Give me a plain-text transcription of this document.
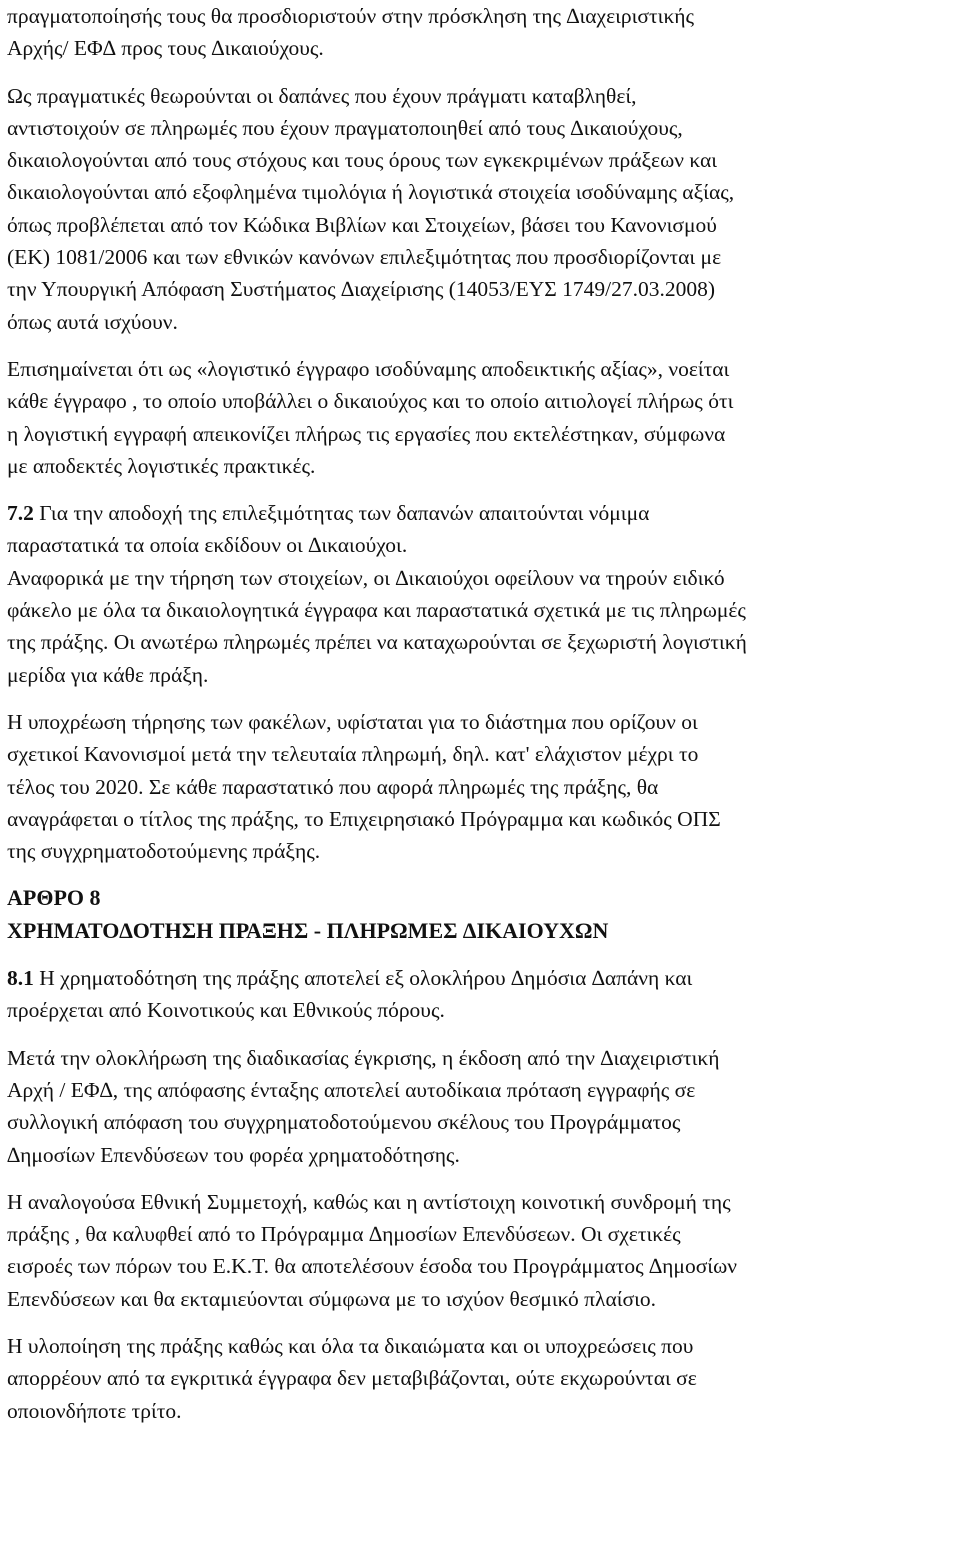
πραγματοποίησής τους θα προσδιοριστούν στην πρόσκληση της ∆ιαχειριστικής
Αρχής/ ΕΦ∆ προς τους ∆ικαιούχους.
Ως πραγματικές θεωρούνται οι δαπάνες που έχουν πράγματι καταβληθεί,
αντιστοιχούν σε πληρωμές που έχουν πραγματοποιηθεί από τους ∆ικαιούχους,
δικαιολογούνται από τους στόχους και τους όρους των εγκεκριμένων πράξεων και
δικαιολογούνται από εξοφλημένα τιμολόγια ή λογιστικά στοιχεία ισοδύναμης αξίας,
όπως προβλέπεται από τον Κώδικα Βιβλίων και Στοιχείων, βάσει του Κανονισμού
(ΕΚ) 1081/2006 και των εθνικών κανόνων επιλεξιμότητας που προσδιορίζονται με
την Υπουργική Απόφαση Συστήματος ∆ιαχείρισης (14053/ΕΥΣ 1749/27.03.2008)
όπως αυτά ισχύουν.
Επισημαίνεται ότι ως «λογιστικό έγγραφο ισοδύναμης αποδεικτικής αξίας», νοείται
κάθε έγγραφο , το οποίο υποβάλλει ο δικαιούχος και το οποίο αιτιολογεί πλήρως ότι
η λογιστική εγγραφή απεικονίζει πλήρως τις εργασίες που εκτελέστηκαν, σύμφωνα
με αποδεκτές λογιστικές πρακτικές.
7.2 Για την αποδοχή της επιλεξιμότητας των δαπανών απαιτούνται νόμιμα
παραστατικά τα οποία εκδίδουν οι ∆ικαιούχοι.
Αναφορικά με την τήρηση των στοιχείων, οι ∆ικαιούχοι οφείλουν να τηρούν ειδικό
φάκελο με όλα τα δικαιολογητικά έγγραφα και παραστατικά σχετικά με τις πληρωμές
της πράξης. Οι ανωτέρω πληρωμές πρέπει να καταχωρούνται σε ξεχωριστή λογιστική
μερίδα για κάθε πράξη.
Η υποχρέωση τήρησης των φακέλων, υφίσταται για το διάστημα που ορίζουν οι
σχετικοί Κανονισμοί μετά την τελευταία πληρωμή, δηλ. κατ' ελάχιστον μέχρι το
τέλος του 2020. Σε κάθε παραστατικό που αφορά πληρωμές της πράξης, θα
αναγράφεται ο τίτλος της πράξης, το Επιχειρησιακό Πρόγραμμα και κωδικός ΟΠΣ
της συγχρηματοδοτούμενης πράξης.
ΑΡΘΡΟ 8
ΧΡΗΜΑΤΟ∆ΟΤΗΣΗ ΠΡΑΞΗΣ - ΠΛΗΡΩΜΕΣ ∆ΙΚΑΙΟΥΧΩΝ
8.1 Η χρηματοδότηση της πράξης αποτελεί εξ ολοκλήρου ∆ημόσια ∆απάνη και
προέρχεται από Κοινοτικούς και Εθνικούς πόρους.
Μετά την ολοκλήρωση της διαδικασίας έγκρισης, η έκδοση από την ∆ιαχειριστική
Αρχή / ΕΦ∆, της απόφασης ένταξης αποτελεί αυτοδίκαια πρόταση εγγραφής σε
συλλογική απόφαση του συγχρηματοδοτούμενου σκέλους του Προγράμματος
∆ημοσίων Επενδύσεων του φορέα χρηματοδότησης.
Η αναλογούσα Εθνική Συμμετοχή, καθώς και η αντίστοιχη κοινοτική συνδρομή της
πράξης , θα καλυφθεί από το Πρόγραμμα ∆ημοσίων Επενδύσεων. Οι σχετικές
εισροές των πόρων του Ε.Κ.Τ. θα αποτελέσουν έσοδα του Προγράμματος ∆ημοσίων
Επενδύσεων και θα εκταμιεύονται σύμφωνα με το ισχύον θεσμικό πλαίσιο.
Η υλοποίηση της πράξης καθώς και όλα τα δικαιώματα και οι υποχρεώσεις που
απορρέουν από τα εγκριτικά έγγραφα δεν μεταβιβάζονται, ούτε εκχωρούνται σε
οποιονδήποτε τρίτο.
